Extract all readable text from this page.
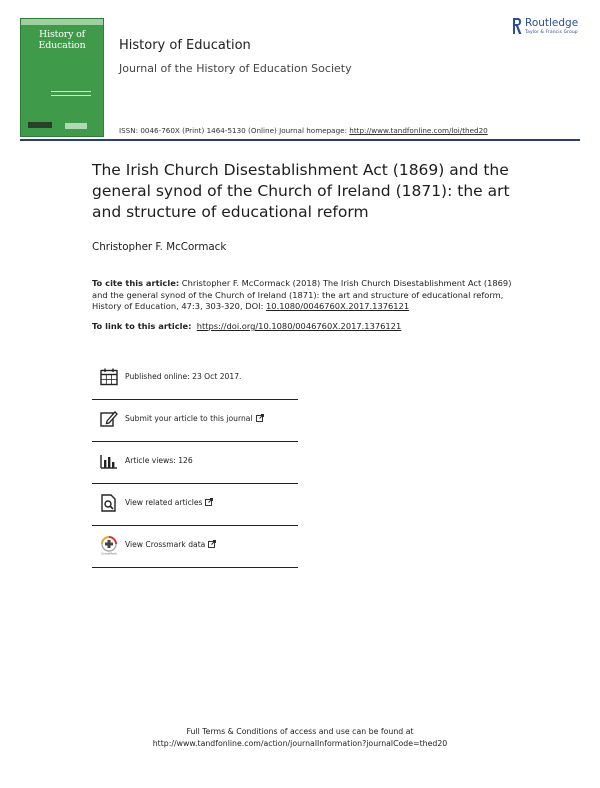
History of Education	History of Education
Journal of the History of Education Society
Routledge
Taylor & Francis Group
ISSN: 0046-760X (Print) 1464-5130 (Online) Journal homepage: http://www.tandfonline.com/loi/thed20
The Irish Church Disestablishment Act (1869) and the general synod of the Church of Ireland (1871): the art and structure of educational reform
Christopher F. McCormack
To cite this article: Christopher F. McCormack (2018) The Irish Church Disestablishment Act (1869) and the general synod of the Church of Ireland (1871): the art and structure of educational reform, History of Education, 47:3, 303-320, DOI: 10.1080/0046760X.2017.1376121
To link to this article: https://doi.org/10.1080/0046760X.2017.1376121
Published online: 23 Oct 2017.
Submit your article to this journal
Article views: 126
View related articles
CrossMark
View Crossmark data
Full Terms & Conditions of access and use can be found at
http://www.tandfonline.com/action/journalInformation?journalCode=thed20
